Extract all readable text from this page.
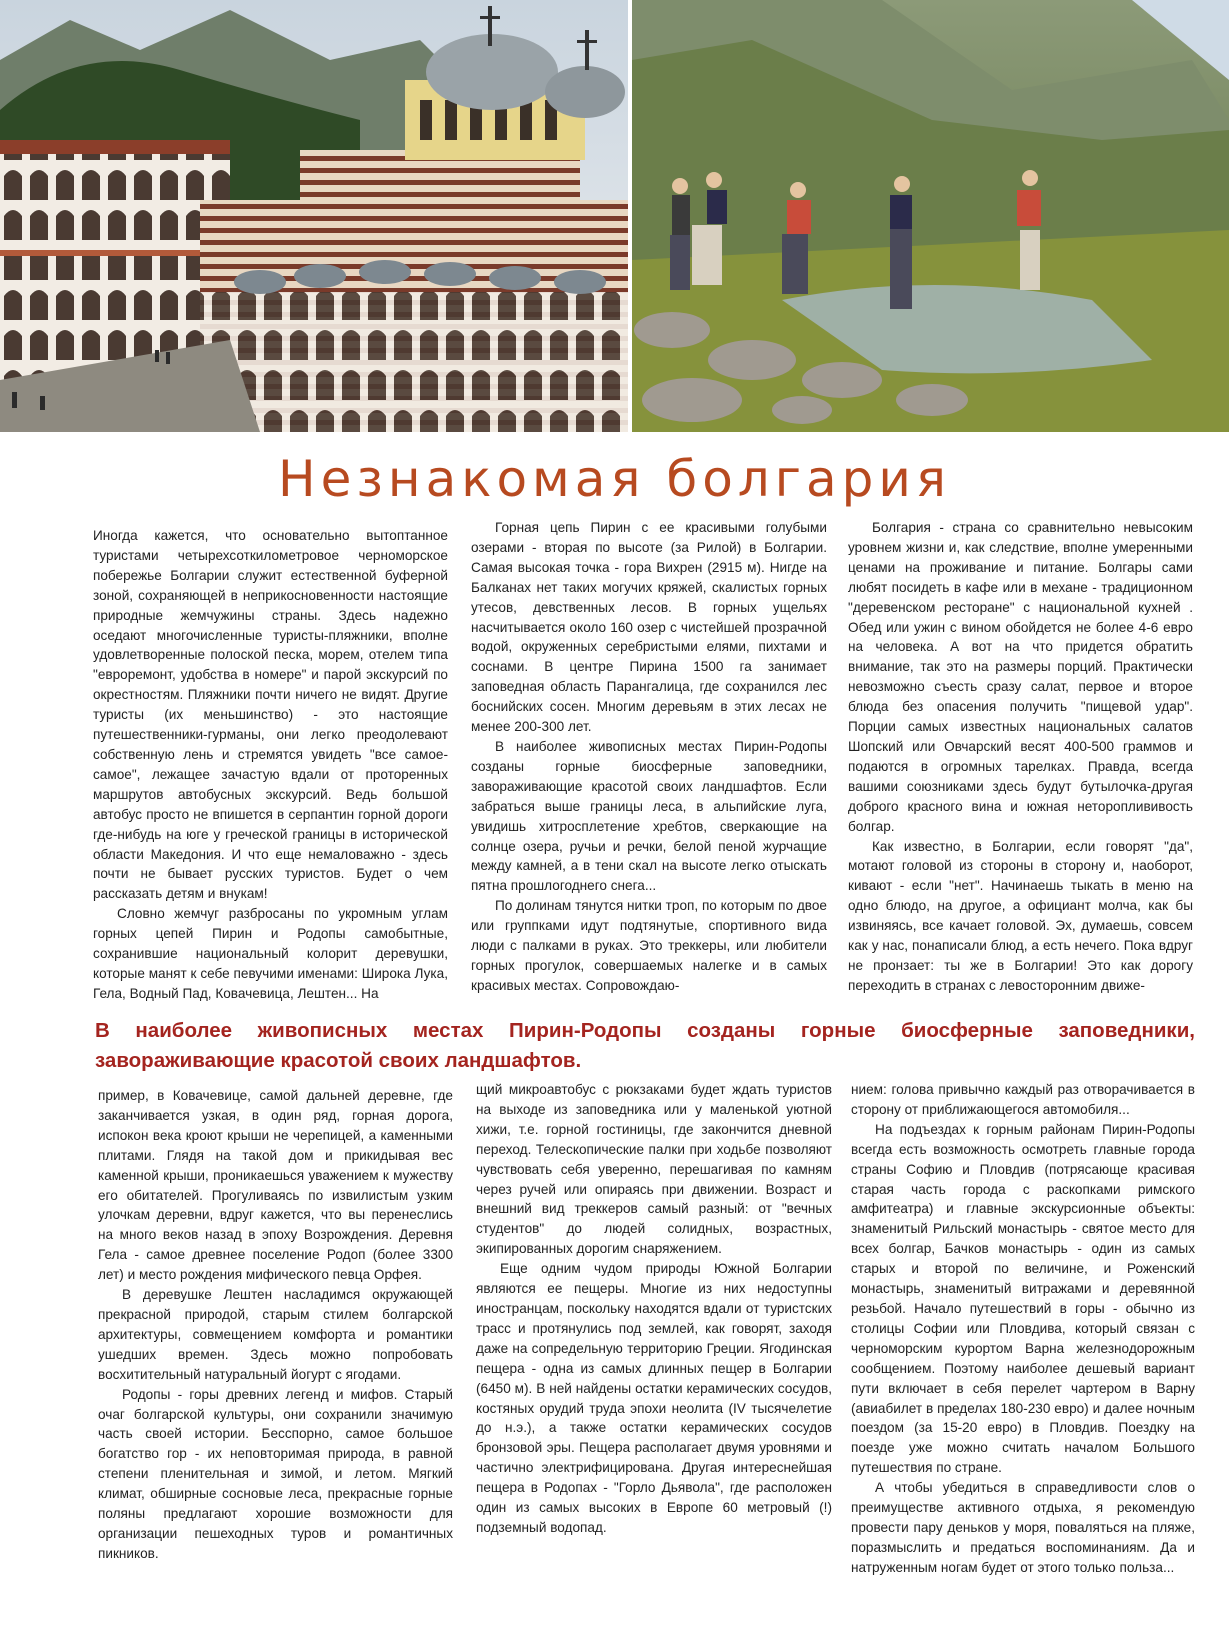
Незнакомая болгария

Иногда кажется, что основательно вытоптанное туристами четырехсоткилометровое черноморское побережье Болгарии служит естественной буферной зоной, сохраняющей в неприкосновенности настоящие природные жемчужины страны. Здесь надежно оседают многочисленные туристы-пляжники, вполне удовлетворенные полоской песка, морем, отелем типа "евроремонт, удобства в номере" и парой экскурсий по окрестностям. Пляжники почти ничего не видят. Другие туристы (их меньшинство) - это настоящие путешественники-гурманы, они легко преодолевают собственную лень и стремятся увидеть "все самое-самое", лежащее зачастую вдали от проторенных маршрутов автобусных экскурсий. Ведь большой автобус просто не впишется в серпантин горной дороги где-нибудь на юге у греческой границы в исторической области Македония. И что еще немаловажно - здесь почти не бывает русских туристов. Будет о чем рассказать детям и внукам!

Словно жемчуг разбросаны по укромным углам горных цепей Пирин и Родопы самобытные, сохранившие национальный колорит деревушки, которые манят к себе певучими именами: Широка Лука, Гела, Водный Пад, Ковачевица, Лештен... На

Горная цепь Пирин с ее красивыми голубыми озерами - вторая по высоте (за Рилой) в Болгарии. Самая высокая точка - гора Вихрен (2915 м). Нигде на Балканах нет таких могучих кряжей, скалистых горных утесов, девственных лесов. В горных ущельях насчитывается около 160 озер с чистейшей прозрачной водой, окруженных серебристыми елями, пихтами и соснами. В центре Пирина 1500 га занимает заповедная область Парангалица, где сохранился лес боснийских сосен. Многим деревьям в этих лесах не менее 200-300 лет.

В наиболее живописных местах Пирин-Родопы созданы горные биосферные заповедники, завораживающие красотой своих ландшафтов. Если забраться выше границы леса, в альпийские луга, увидишь хитросплетение хребтов, сверкающие на солнце озера, ручьи и речки, белой пеной журчащие между камней, а в тени скал на высоте легко отыскать пятна прошлогоднего снега...

По долинам тянутся нитки троп, по которым по двое или группками идут подтянутые, спортивного вида люди с палками в руках. Это треккеры, или любители горных прогулок, совершаемых налегке и в самых красивых местах. Сопровождаю-

Болгария - страна со сравнительно невысоким уровнем жизни и, как следствие, вполне умеренными ценами на проживание и питание. Болгары сами любят посидеть в кафе или в механе - традиционном "деревенском ресторане" с национальной кухней . Обед или ужин с вином обойдется не более 4-6 евро на человека. А вот на что придется обратить внимание, так это на размеры порций. Практически невозможно съесть сразу салат, первое и второе блюда без опасения получить "пищевой удар". Порции самых известных национальных салатов Шопский или Овчарский весят 400-500 граммов и подаются в огромных тарелках. Правда, всегда вашими союзниками здесь будут бутылочка-другая доброго красного вина и южная нетороплививость болгар.

Как известно, в Болгарии, если говорят "да", мотают головой из стороны в сторону и, наоборот, кивают - если "нет". Начинаешь тыкать в меню на одно блюдо, на другое, а официант молча, как бы извиняясь, все качает головой. Эх, думаешь, совсем как у нас, понаписали блюд, а есть нечего. Пока вдруг не пронзает: ты же в Болгарии! Это как дорогу переходить в странах с левосторонним движе-

В наиболее живописных местах Пирин-Родопы созданы горные биосферные заповедники, завораживающие красотой своих ландшафтов.

пример, в Ковачевице, самой дальней деревне, где заканчивается узкая, в один ряд, горная дорога, испокон века кроют крыши не черепицей, а каменными плитами. Глядя на такой дом и прикидывая вес каменной крыши, проникаешься уважением к мужеству его обитателей. Прогуливаясь по извилистым узким улочкам деревни, вдруг кажется, что вы перенеслись на много веков назад в эпоху Возрождения. Деревня Гела - самое древнее поселение Родоп (более 3300 лет) и место рождения мифического певца Орфея.

В деревушке Лештен насладимся окружающей прекрасной природой, старым стилем болгарской архитектуры, совмещением комфорта и романтики ушедших времен. Здесь можно попробовать восхитительный натуральный йогурт с ягодами.

Родопы - горы древних легенд и мифов. Старый очаг болгарской культуры, они сохранили значимую часть своей истории. Бесспорно, самое большое богатство гор - их неповторимая природа, в равной степени пленительная и зимой, и летом. Мягкий климат, обширные сосновые леса, прекрасные горные поляны предлагают хорошие возможности для организации пешеходных туров и романтичных пикников.

щий микроавтобус с рюкзаками будет ждать туристов на выходе из заповедника или у маленькой уютной хижи, т.е. горной гостиницы, где закончится дневной переход. Телескопические палки при ходьбе позволяют чувствовать себя уверенно, перешагивая по камням через ручей или опираясь при движении. Возраст и внешний вид треккеров самый разный: от "вечных студентов" до людей солидных, возрастных, экипированных дорогим снаряжением.

Еще одним чудом природы Южной Болгарии являются ее пещеры. Многие из них недоступны иностранцам, поскольку находятся вдали от туристских трасс и протянулись под землей, как говорят, заходя даже на сопредельную территорию Греции. Ягодинская пещера - одна из самых длинных пещер в Болгарии (6450 м). В ней найдены остатки керамических сосудов, костяных орудий труда эпохи неолита (IV тысячелетие до н.э.), а также остатки керамических сосудов бронзовой эры. Пещера располагает двумя уровнями и частично электрифицирована. Другая интереснейшая пещера в Родопах - "Горло Дьявола", где расположен один из самых высоких в Европе 60 метровый (!) подземный водопад.

нием: голова привычно каждый раз отворачивается в сторону от приближающегося автомобиля...

На подъездах к горным районам Пирин-Родопы всегда есть возможность осмотреть главные города страны Софию и Пловдив (потрясающе красивая старая часть города с раскопками римского амфитеатра) и главные экскурсионные объекты: знаменитый Рильский монастырь - святое место для всех болгар, Бачков монастырь - один из самых старых и второй по величине, и Роженский монастырь, знаменитый витражами и деревянной резьбой. Начало путешествий в горы - обычно из столицы Софии или Пловдива, который связан с черноморским курортом Варна железнодорожным сообщением. Поэтому наиболее дешевый вариант пути включает в себя перелет чартером в Варну (авиабилет в пределах 180-230 евро) и далее ночным поездом (за 15-20 евро) в Пловдив. Поездку на поезде уже можно считать началом Большого путешествия по стране.

А чтобы убедиться в справедливости слов о преимуществе активного отдыха, я рекомендую провести пару деньков у моря, поваляться на пляже, поразмыслить и предаться воспоминаниям. Да и натруженным ногам будет от этого только польза...
